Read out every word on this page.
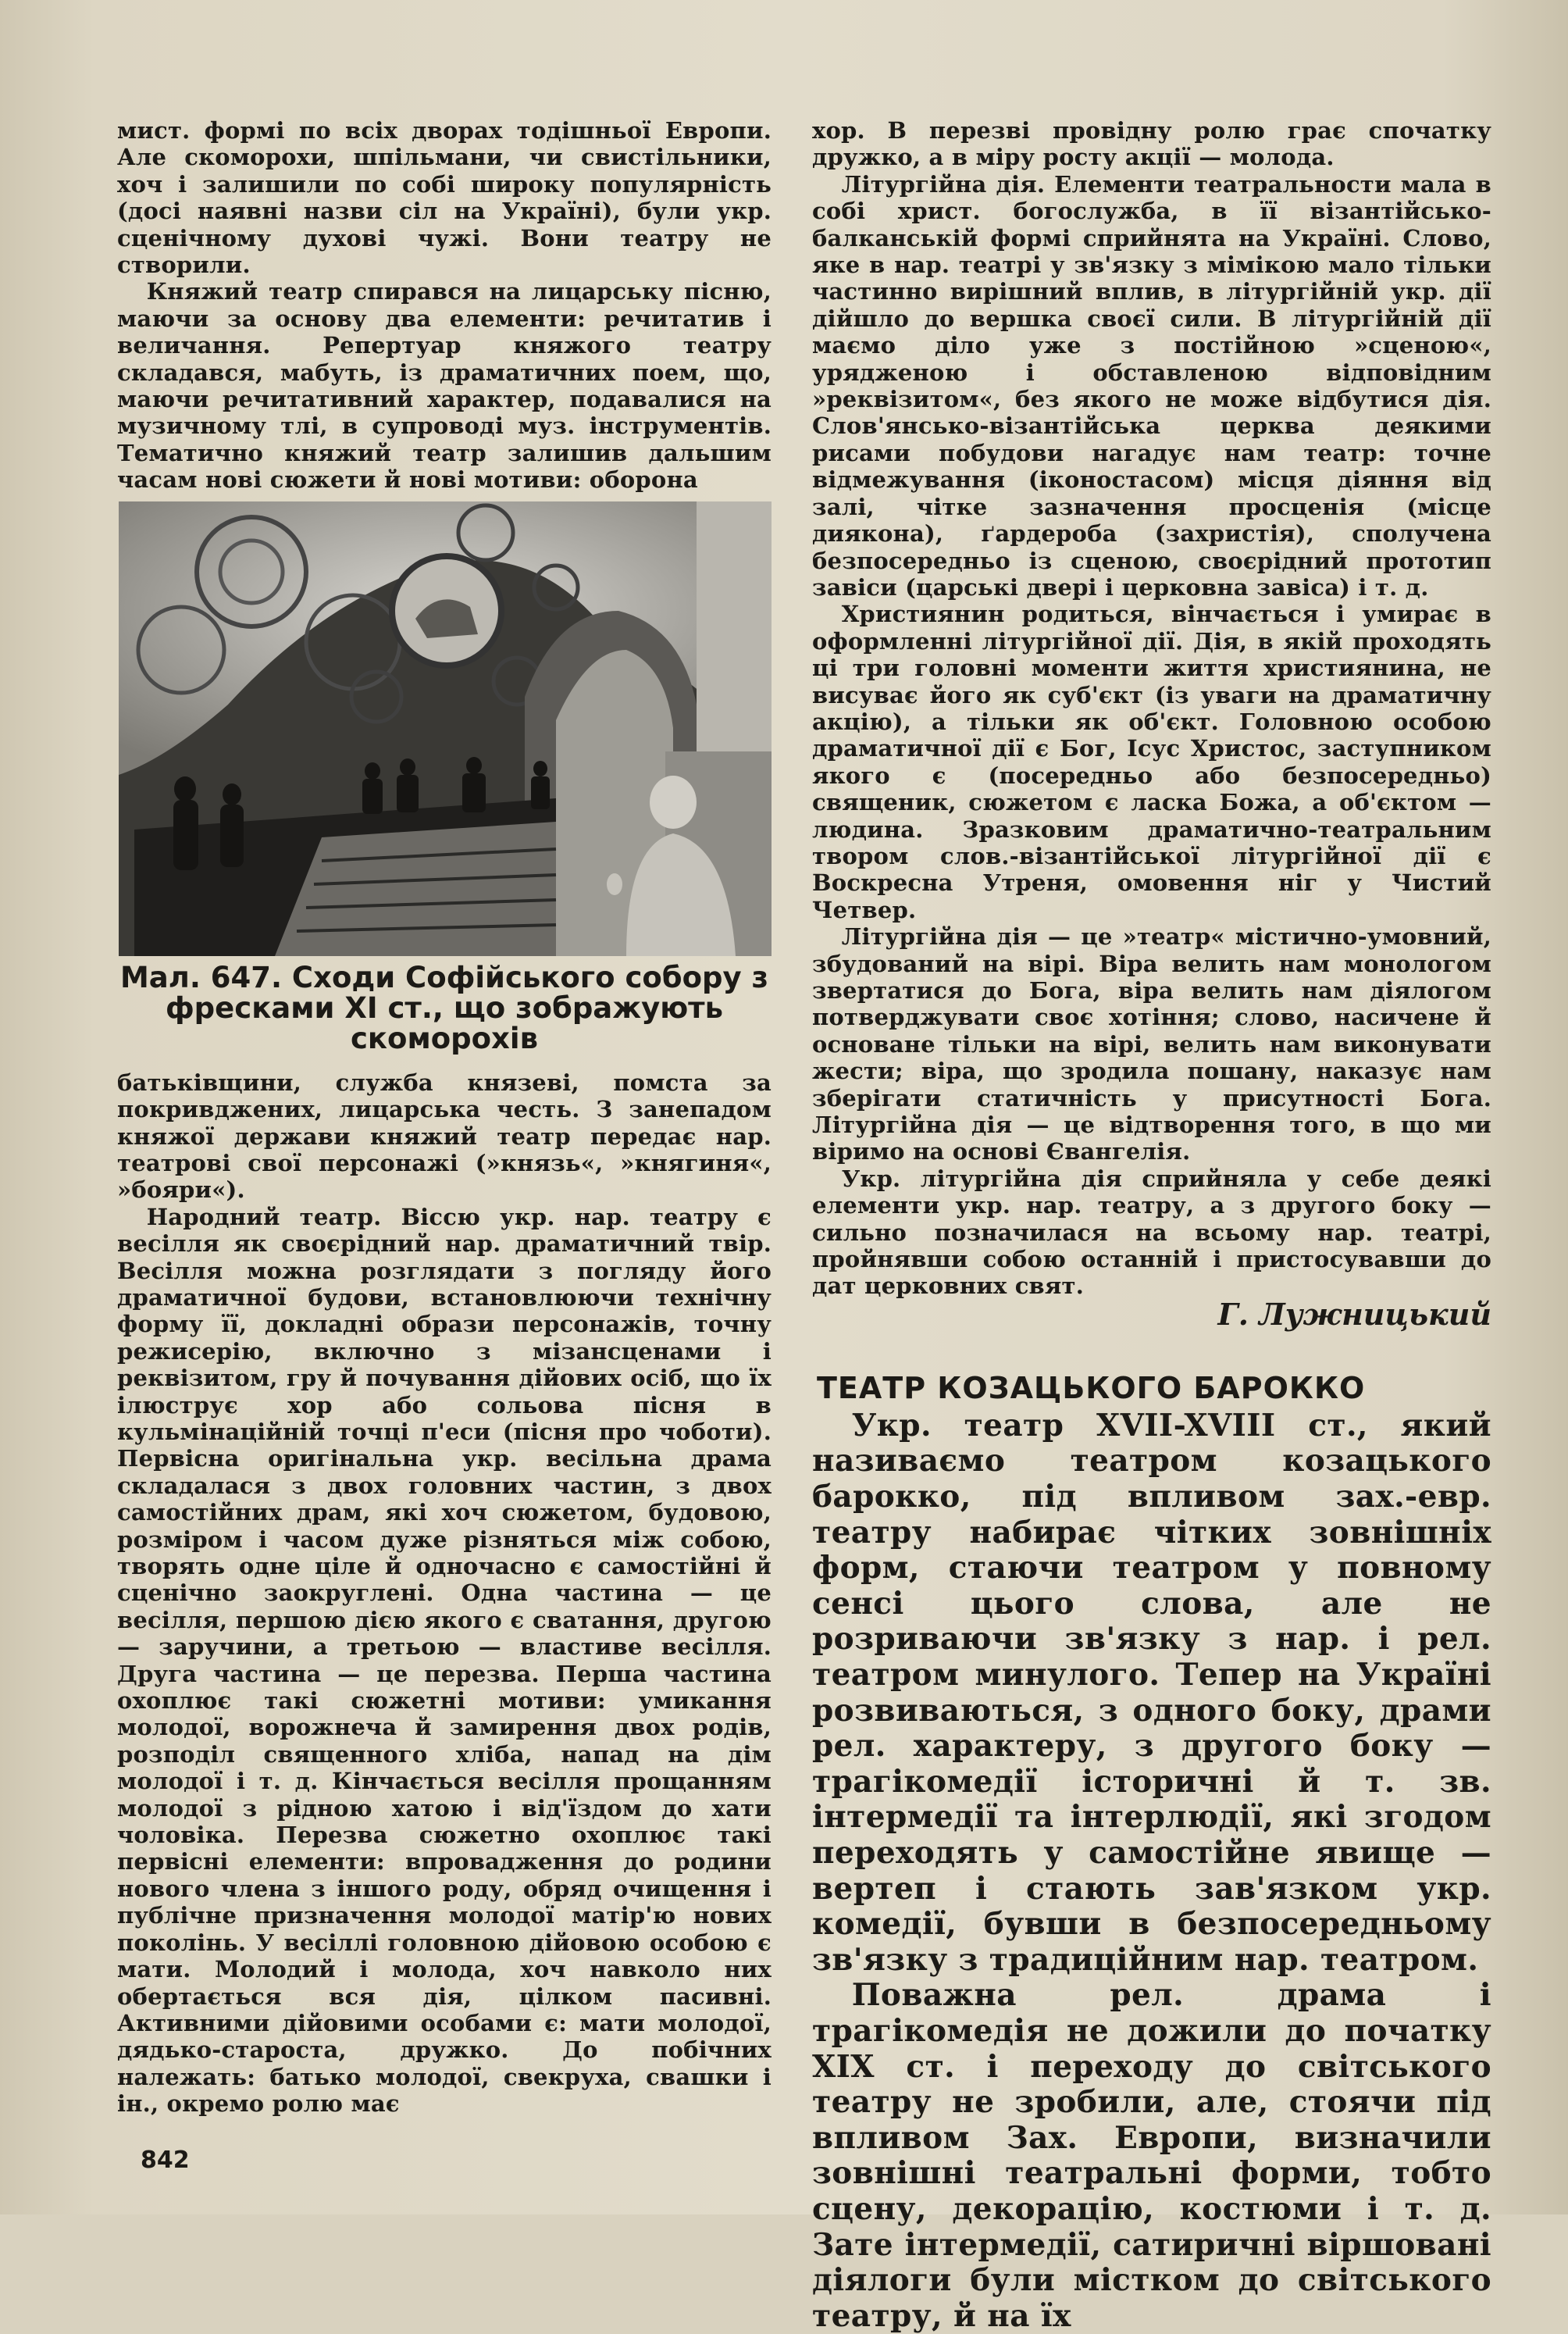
мист. формі по всіх дворах тодішньої Европи. Але скоморохи, шпільмани, чи свистільники, хоч і залишили по собі широку популярність (досі наявні назви сіл на Україні), були укр. сценічному духові чужі. Вони театру не створили.

Княжий театр спирався на лицарську пісню, маючи за основу два елементи: речитатив і величання. Репертуар княжого театру складався, мабуть, із драматичних поем, що, маючи речитативний характер, подавалися на музичному тлі, в супроводі муз. інструментів. Тематично княжий театр залишив дальшим часам нові сюжети й нові мотиви: оборона

Мал. 647. Сходи Софійського собору з фресками XI ст., що зображують скоморохів

батьківщини, служба князеві, помста за покривджених, лицарська честь. З занепадом княжої держави княжий театр передає нар. театрові свої персонажі (»князь«, »княгиня«, »бояри«).

Народний театр. Віссю укр. нар. театру є весілля як своєрідний нар. драматичний твір. Весілля можна розглядати з погляду його драматичної будови, встановлюючи технічну форму її, докладні образи персонажів, точну режисерію, включно з мізансценами і реквізитом, гру й почування дійових осіб, що їх ілюструє хор або сольова пісня в кульмінаційній точці п'еси (пісня про чоботи). Первісна оригінальна укр. весільна драма складалася з двох головних частин, з двох самостійних драм, які хоч сюжетом, будовою, розміром і часом дуже різняться між собою, творять одне ціле й одночасно є самостійні й сценічно заокруглені. Одна частина — це весілля, першою дією якого є сватання, другою — заручини, а третьою — властиве весілля. Друга частина — це перезва. Перша частина охоплює такі сюжетні мотиви: умикання молодої, ворожнеча й замирення двох родів, розподіл священного хліба, напад на дім молодої і т. д. Кінчається весілля прощанням молодої з рідною хатою і від'їздом до хати чоловіка. Перезва сюжетно охоплює такі первісні елементи: впровадження до родини нового члена з іншого роду, обряд очищення і публічне призначення молодої матір'ю нових поколінь. У весіллі головною дійовою особою є мати. Молодий і молода, хоч навколо них обертається вся дія, цілком пасивні. Активними дійовими особами є: мати молодої, дядько-староста, дружко. До побічних належать: батько молодої, свекруха, свашки і ін., окремо ролю має

хор. В перезві провідну ролю грає спочатку дружко, а в міру росту акції — молода.

Літургійна дія. Елементи театральности мала в собі христ. богослужба, в її візантійсько-балканській формі сприйнята на Україні. Слово, яке в нар. театрі у зв'язку з мімікою мало тільки частинно вирішний вплив, в літургійній укр. дії дійшло до вершка своєї сили. В літургійній дії маємо діло уже з постійною »сценою«, урядженою і обставленою відповідним »реквізитом«, без якого не може відбутися дія. Слов'янсько-візантійська церква деякими рисами побудови нагадує нам театр: точне відмежування (іконостасом) місця діяння від залі, чітке зазначення просценія (місце диякона), ґардероба (захристія), сполучена безпосередньо із сценою, своєрідний прототип завіси (царські двері і церковна завіса) і т. д.

Християнин родиться, вінчається і умирає в оформленні літургійної дії. Дія, в якій проходять ці три головні моменти життя християнина, не висуває його як суб'єкт (із уваги на драматичну акцію), а тільки як об'єкт. Головною особою драматичної дії є Бог, Ісус Христос, заступником якого є (посередньо або безпосередньо) священик, сюжетом є ласка Божа, а об'єктом — людина. Зразковим драматично-театральним твором слов.-візантійської літургійної дії є Воскресна Утреня, омовення ніг у Чистий Четвер.

Літургійна дія — це »театр« містично-умовний, збудований на вірі. Віра велить нам монологом звертатися до Бога, віра велить нам діялогом потверджувати своє хотіння; слово, насичене й основане тільки на вірі, велить нам виконувати жести; віра, що зродила пошану, наказує нам зберігати статичність у присутності Бога. Літургійна дія — це відтворення того, в що ми віримо на основі Євангелія.

Укр. літургійна дія сприйняла у себе деякі елементи укр. нар. театру, а з другого боку — сильно позначилася на всьому нар. театрі, пройнявши собою останній і пристосувавши до дат церковних свят.

Г. Лужницький
ТЕАТР КОЗАЦЬКОГО БАРОККО

Укр. театр XVII-XVIII ст., який називаємо театром козацького барокко, під впливом зах.-евр. театру набирає чітких зовнішніх форм, стаючи театром у повному сенсі цього слова, але не розриваючи зв'язку з нар. і рел. театром минулого. Тепер на Україні розвиваються, з одного боку, драми рел. характеру, з другого боку — трагікомедії історичні й т. зв. інтермедії та інтерлюдії, які згодом переходять у самостійне явище — вертеп і стають зав'язком укр. комедії, бувши в безпосередньому зв'язку з традиційним нар. театром.

Поважна рел. драма і трагікомедія не дожили до початку XIX ст. і переходу до світського театру не зробили, але, стоячи під впливом Зах. Европи, визначили зовнішні театральні форми, тобто сцену, декорацію, костюми і т. д. Зате інтермедії, сатиричні віршовані діялоги були містком до світського театру, й на їх

842
